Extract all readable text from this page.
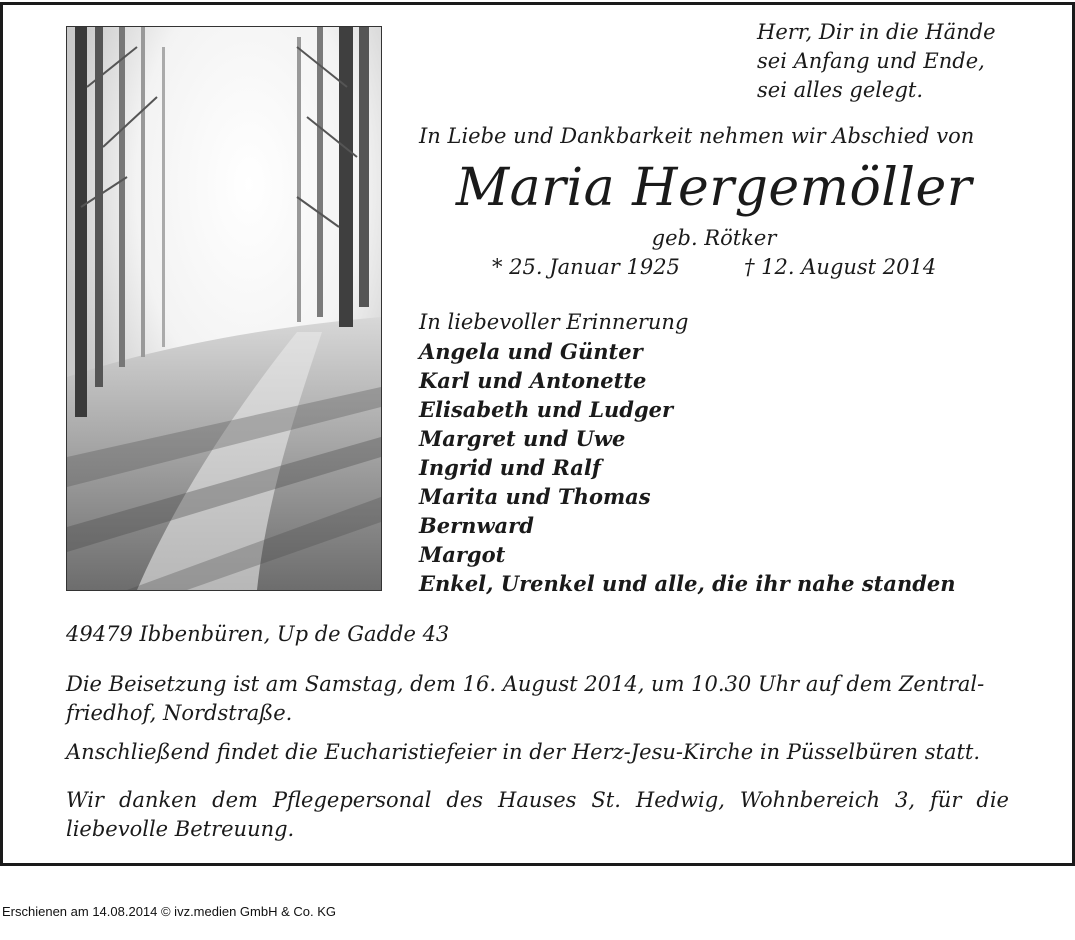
Herr, Dir in die Hände
sei Anfang und Ende,
sei alles gelegt.
In Liebe und Dankbarkeit nehmen wir Abschied von
Maria Hergemöller
geb. Rötker
* 25. Januar 1925	† 12. August 2014
In liebevoller Erinnerung
Angela und Günter
Karl und Antonette
Elisabeth und Ludger
Margret und Uwe
Ingrid und Ralf
Marita und Thomas
Bernward
Margot
Enkel, Urenkel und alle, die ihr nahe standen
49479 Ibbenbüren, Up de Gadde 43
Die Beisetzung ist am Samstag, dem 16. August 2014, um 10.30 Uhr auf dem Zentral-
friedhof, Nordstraße.
Anschließend findet die Eucharistiefeier in der Herz-Jesu-Kirche in Püsselbüren statt.
Wir danken dem Pflegepersonal des Hauses St. Hedwig, Wohnbereich 3, für die liebevolle Betreuung.
Erschienen am 14.08.2014 © ivz.medien GmbH & Co. KG
